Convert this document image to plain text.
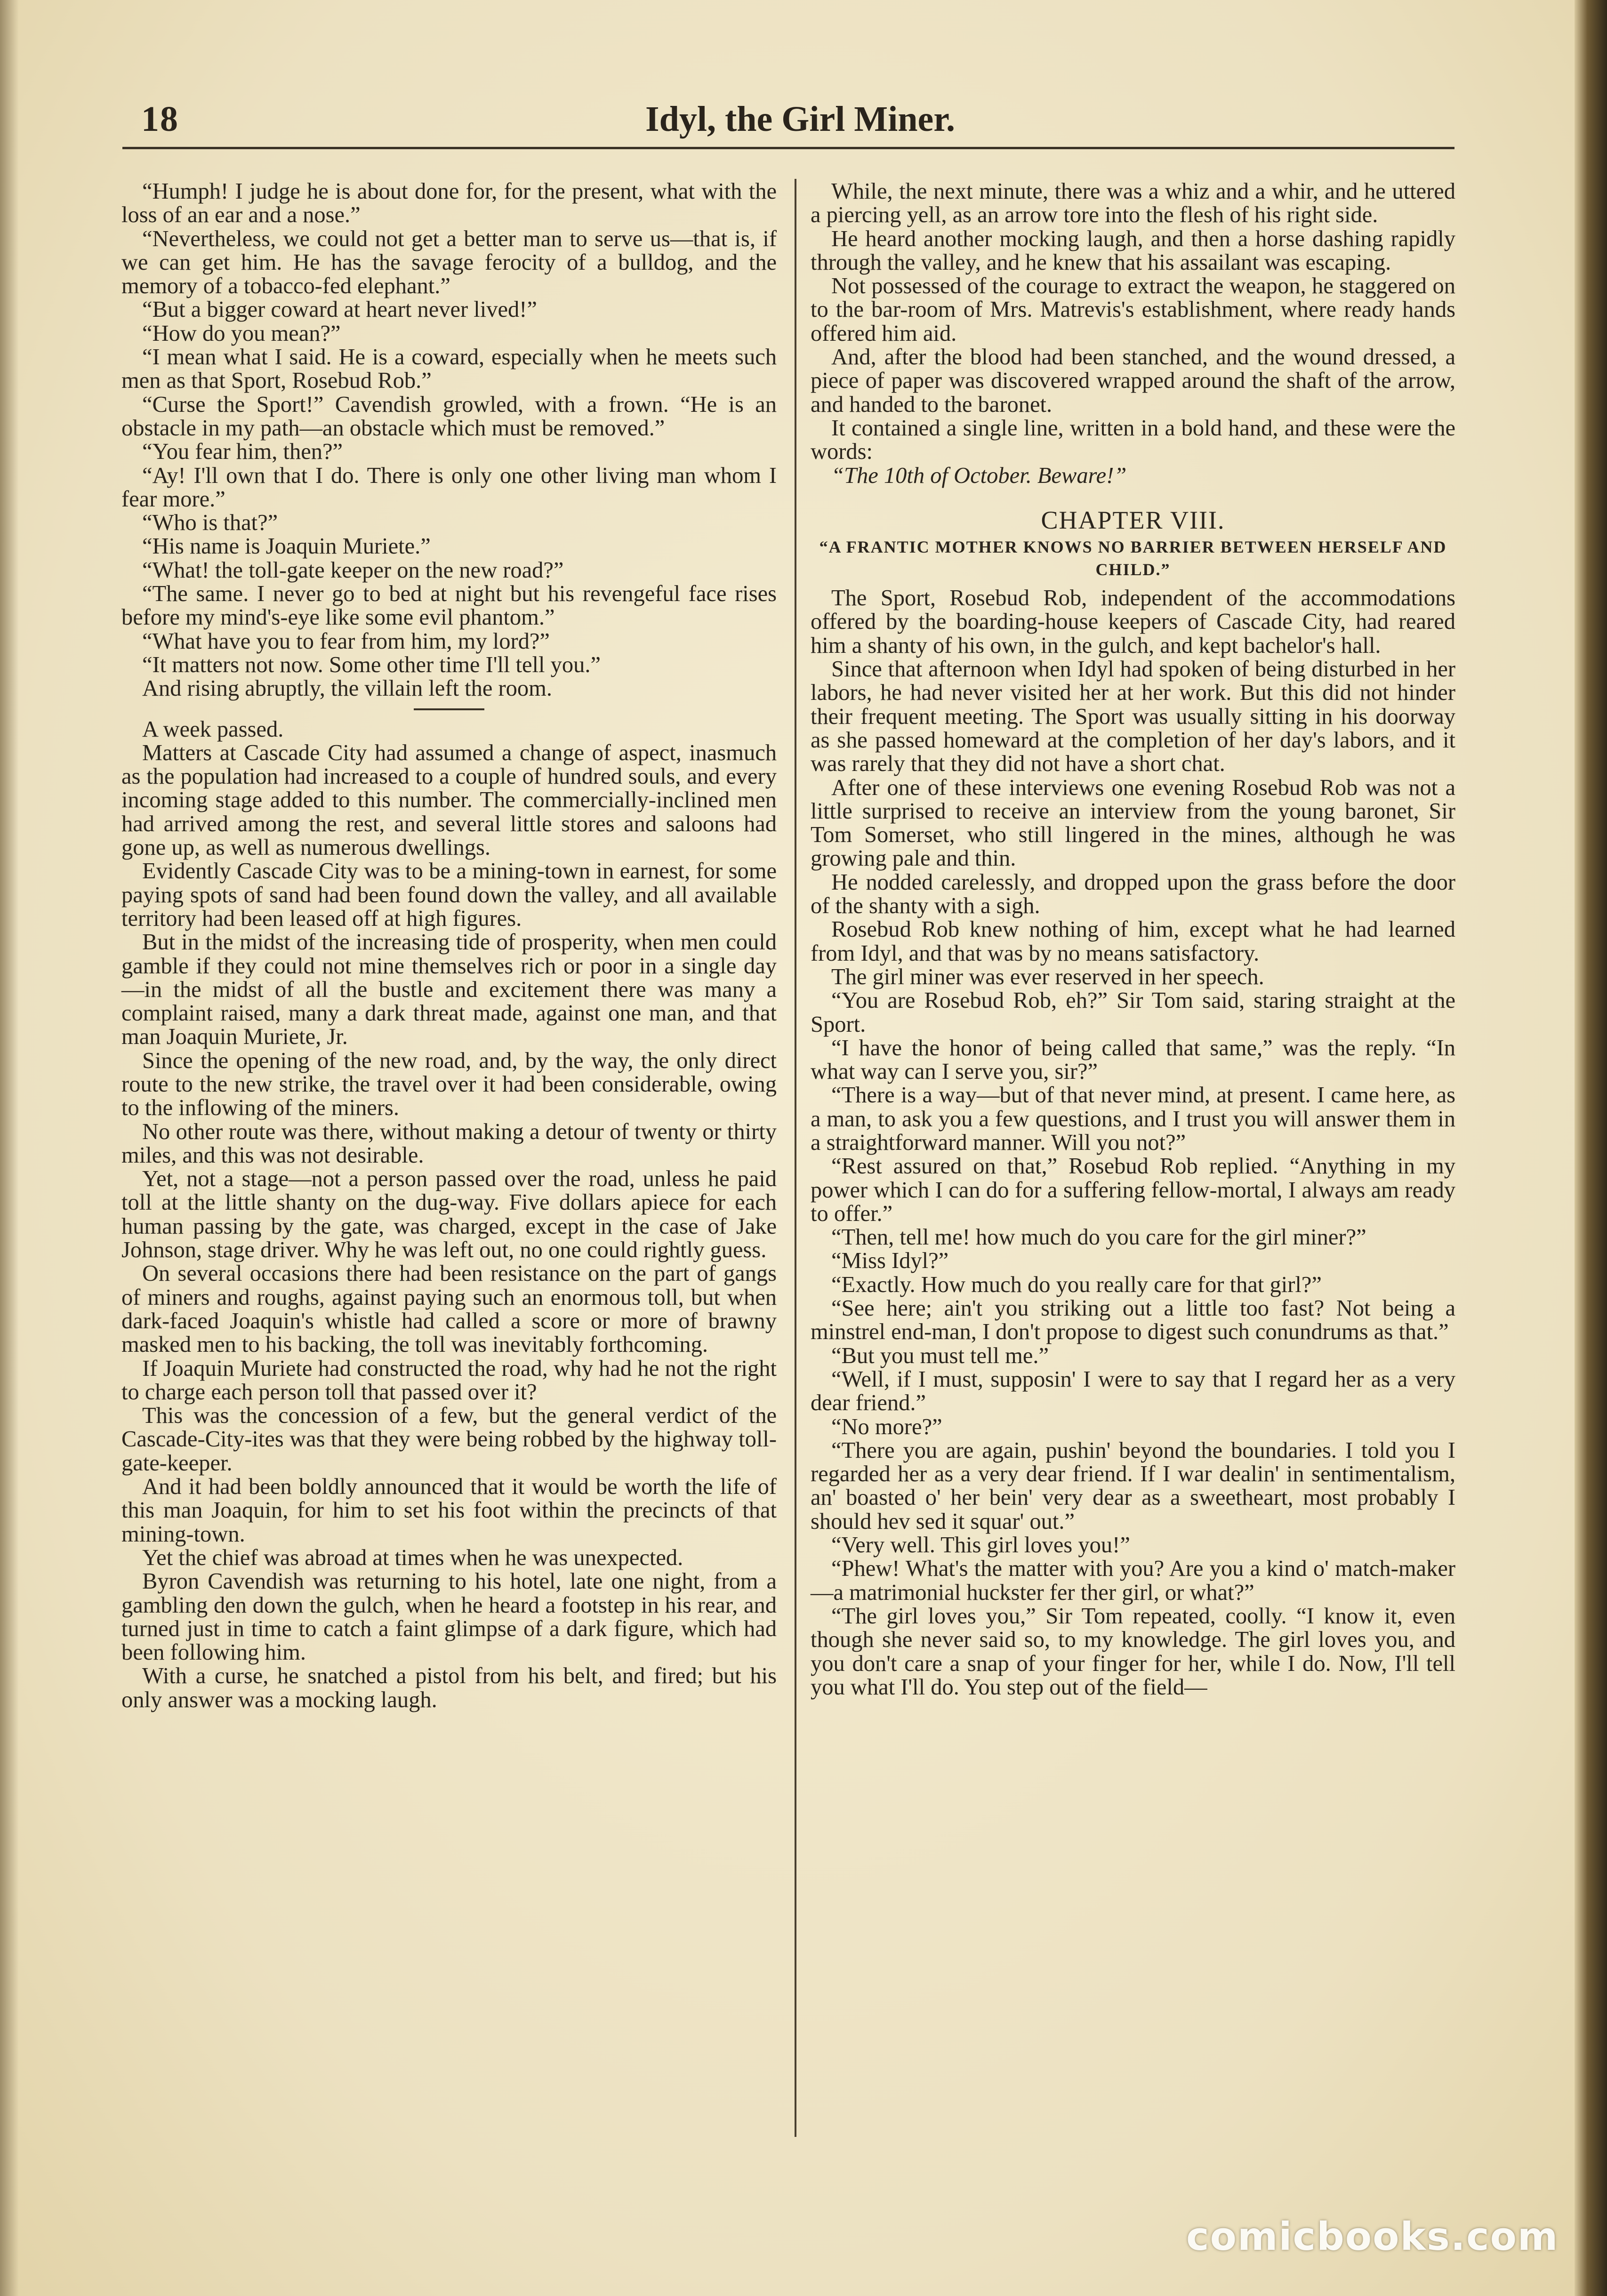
18	Idyl, the Girl Miner.

“Humph! I judge he is about done for, for the present, what with the loss of an ear and a nose.”

“Nevertheless, we could not get a better man to serve us—that is, if we can get him. He has the savage ferocity of a bulldog, and the memory of a tobacco-fed elephant.”

“But a bigger coward at heart never lived!”

“How do you mean?”

“I mean what I said. He is a coward, especially when he meets such men as that Sport, Rosebud Rob.”

“Curse the Sport!” Cavendish growled, with a frown. “He is an obstacle in my path—an obstacle which must be removed.”

“You fear him, then?”

“Ay! I'll own that I do. There is only one other living man whom I fear more.”

“Who is that?”

“His name is Joaquin Muriete.”

“What! the toll-gate keeper on the new road?”

“The same. I never go to bed at night but his revengeful face rises before my mind's-eye like some evil phantom.”

“What have you to fear from him, my lord?”

“It matters not now. Some other time I'll tell you.”

And rising abruptly, the villain left the room.

A week passed.

Matters at Cascade City had assumed a change of aspect, inasmuch as the population had increased to a couple of hundred souls, and every incoming stage added to this number. The commercially-inclined men had arrived among the rest, and several little stores and saloons had gone up, as well as numerous dwellings.

Evidently Cascade City was to be a mining-town in earnest, for some paying spots of sand had been found down the valley, and all available territory had been leased off at high figures.

But in the midst of the increasing tide of prosperity, when men could gamble if they could not mine themselves rich or poor in a single day—in the midst of all the bustle and excitement there was many a complaint raised, many a dark threat made, against one man, and that man Joaquin Muriete, Jr.

Since the opening of the new road, and, by the way, the only direct route to the new strike, the travel over it had been considerable, owing to the inflowing of the miners.

No other route was there, without making a detour of twenty or thirty miles, and this was not desirable.

Yet, not a stage—not a person passed over the road, unless he paid toll at the little shanty on the dug-way. Five dollars apiece for each human passing by the gate, was charged, except in the case of Jake Johnson, stage driver. Why he was left out, no one could rightly guess.

On several occasions there had been resistance on the part of gangs of miners and roughs, against paying such an enormous toll, but when dark-faced Joaquin's whistle had called a score or more of brawny masked men to his backing, the toll was inevitably forthcoming.

If Joaquin Muriete had constructed the road, why had he not the right to charge each person toll that passed over it?

This was the concession of a few, but the general verdict of the Cascade-City-ites was that they were being robbed by the highway toll-gate-keeper.

And it had been boldly announced that it would be worth the life of this man Joaquin, for him to set his foot within the precincts of that mining-town.

Yet the chief was abroad at times when he was unexpected.

Byron Cavendish was returning to his hotel, late one night, from a gambling den down the gulch, when he heard a footstep in his rear, and turned just in time to catch a faint glimpse of a dark figure, which had been following him.

With a curse, he snatched a pistol from his belt, and fired; but his only answer was a mocking laugh.

While, the next minute, there was a whiz and a whir, and he uttered a piercing yell, as an arrow tore into the flesh of his right side.

He heard another mocking laugh, and then a horse dashing rapidly through the valley, and he knew that his assailant was escaping.

Not possessed of the courage to extract the weapon, he staggered on to the bar-room of Mrs. Matrevis's establishment, where ready hands offered him aid.

And, after the blood had been stanched, and the wound dressed, a piece of paper was discovered wrapped around the shaft of the arrow, and handed to the baronet.

It contained a single line, written in a bold hand, and these were the words:

“The 10th of October. Beware!”

CHAPTER VIII.
“A FRANTIC MOTHER KNOWS NO BARRIER BETWEEN HERSELF AND CHILD.”

The Sport, Rosebud Rob, independent of the accommodations offered by the boarding-house keepers of Cascade City, had reared him a shanty of his own, in the gulch, and kept bachelor's hall.

Since that afternoon when Idyl had spoken of being disturbed in her labors, he had never visited her at her work. But this did not hinder their frequent meeting. The Sport was usually sitting in his doorway as she passed homeward at the completion of her day's labors, and it was rarely that they did not have a short chat.

After one of these interviews one evening Rosebud Rob was not a little surprised to receive an interview from the young baronet, Sir Tom Somerset, who still lingered in the mines, although he was growing pale and thin.

He nodded carelessly, and dropped upon the grass before the door of the shanty with a sigh.

Rosebud Rob knew nothing of him, except what he had learned from Idyl, and that was by no means satisfactory.

The girl miner was ever reserved in her speech.

“You are Rosebud Rob, eh?” Sir Tom said, staring straight at the Sport.

“I have the honor of being called that same,” was the reply. “In what way can I serve you, sir?”

“There is a way—but of that never mind, at present. I came here, as a man, to ask you a few questions, and I trust you will answer them in a straightforward manner. Will you not?”

“Rest assured on that,” Rosebud Rob replied. “Anything in my power which I can do for a suffering fellow-mortal, I always am ready to offer.”

“Then, tell me! how much do you care for the girl miner?”

“Miss Idyl?”

“Exactly. How much do you really care for that girl?”

“See here; ain't you striking out a little too fast? Not being a minstrel end-man, I don't propose to digest such conundrums as that.”

“But you must tell me.”

“Well, if I must, supposin' I were to say that I regard her as a very dear friend.”

“No more?”

“There you are again, pushin' beyond the boundaries. I told you I regarded her as a very dear friend. If I war dealin' in sentimentalism, an' boasted o' her bein' very dear as a sweetheart, most probably I should hev sed it squar' out.”

“Very well. This girl loves you!”

“Phew! What's the matter with you? Are you a kind o' match-maker—a matrimonial huckster fer ther girl, or what?”

“The girl loves you,” Sir Tom repeated, coolly. “I know it, even though she never said so, to my knowledge. The girl loves you, and you don't care a snap of your finger for her, while I do. Now, I'll tell you what I'll do. You step out of the field—

comicbooks.com
